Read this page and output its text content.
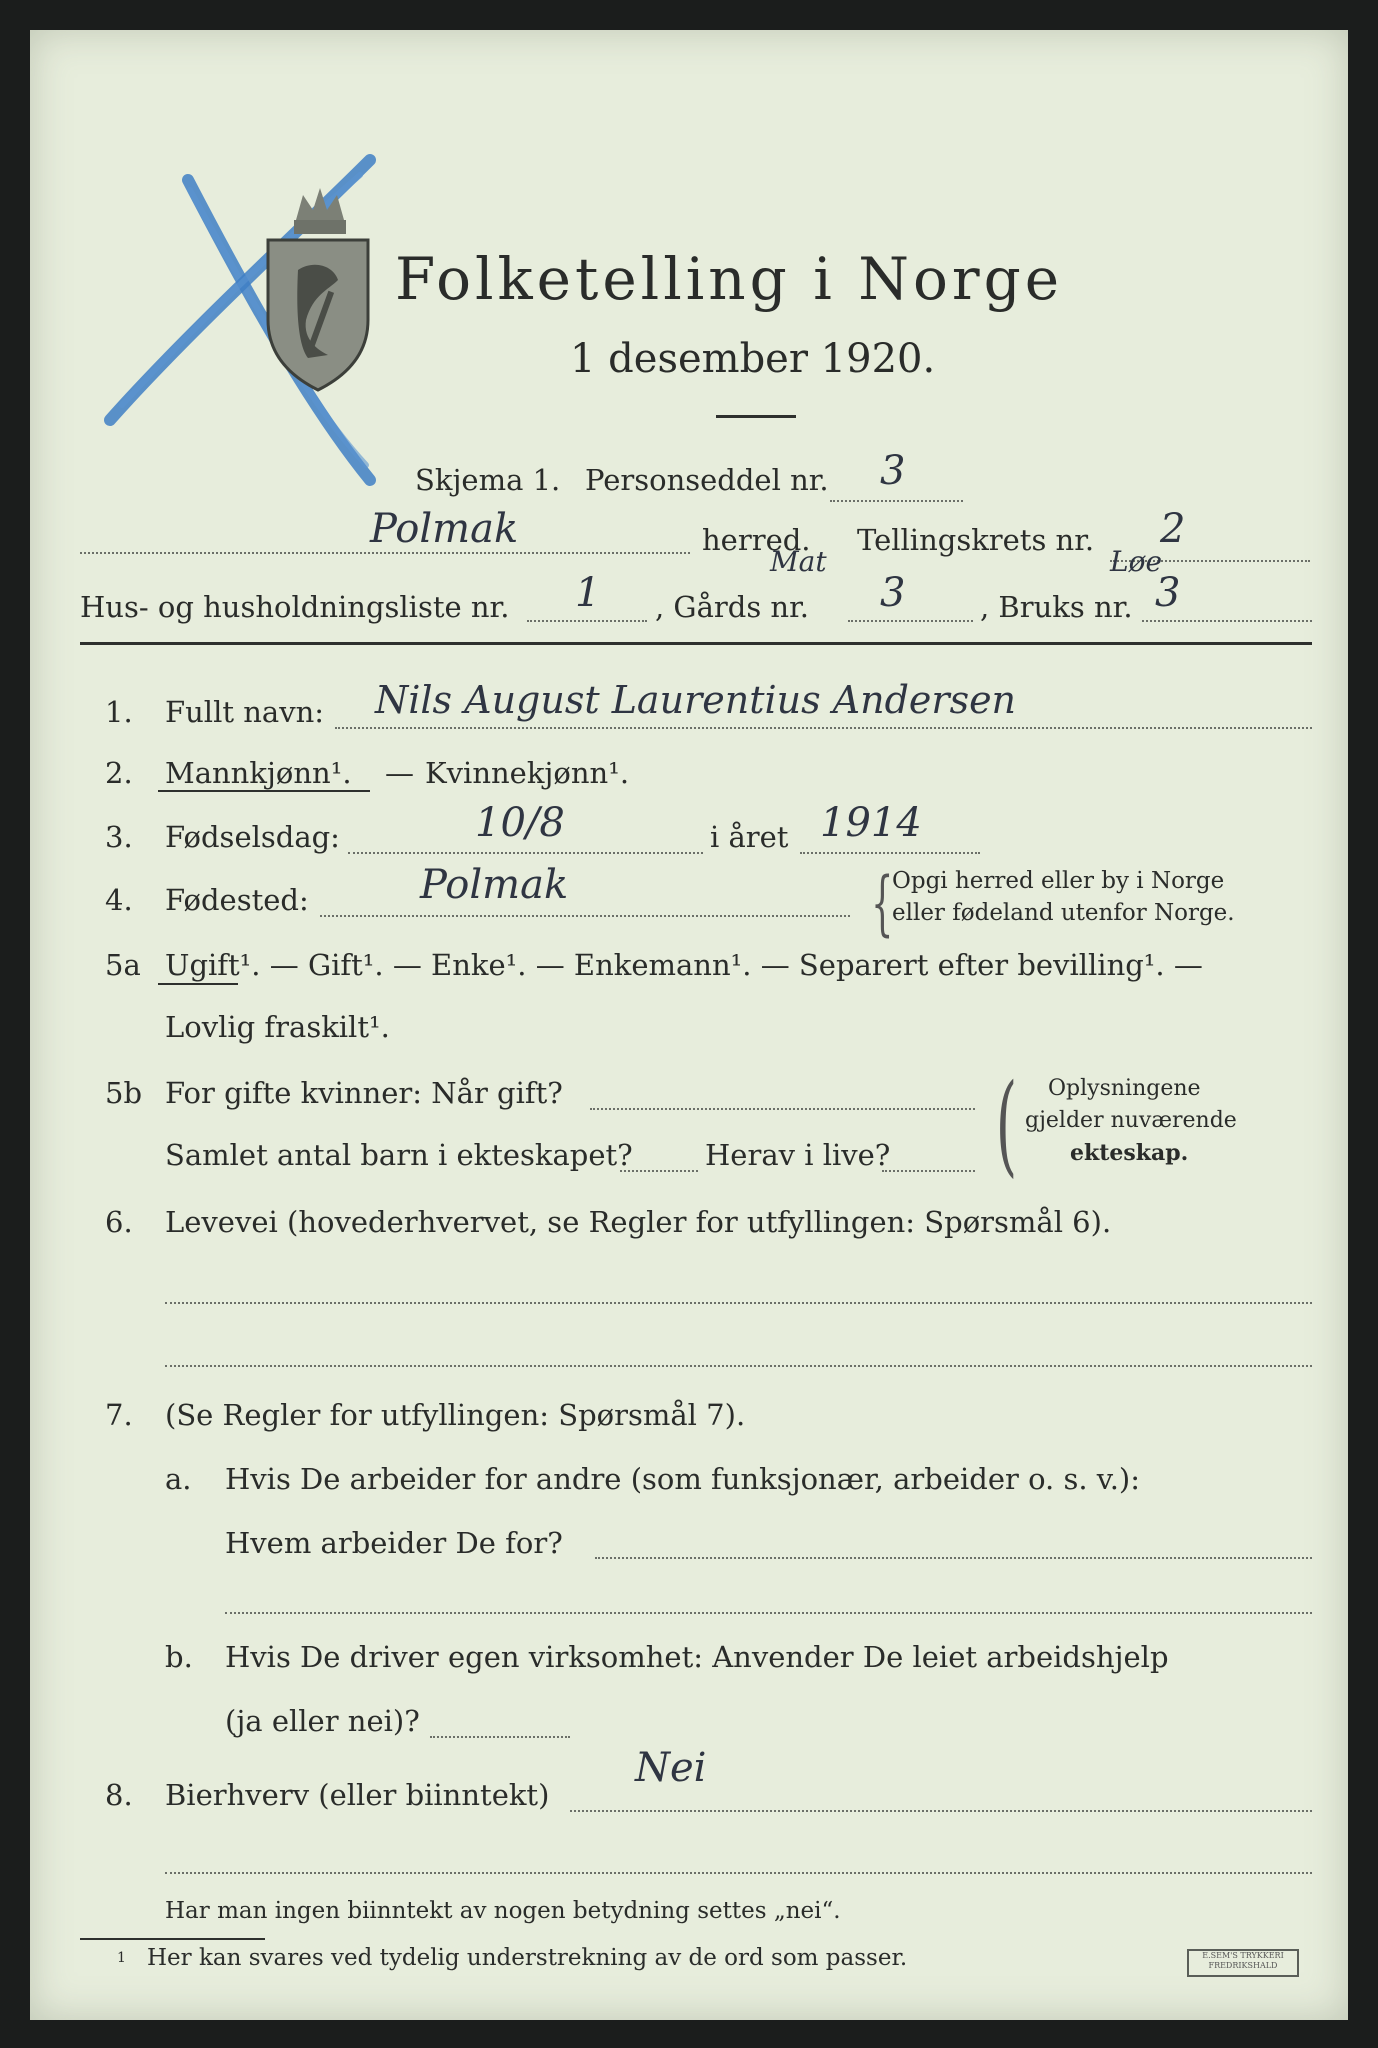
Folketelling i Norge
1 desember 1920.
Skjema 1. Personseddel nr. 3
Polmak	herred. Tellingskrets nr. 2
Hus- og husholdningsliste nr. 1 , Gårds nr.
Mat
3	, Bruks nr.
Løe
3
1. Fullt navn: Nils August Laurentius Andersen
2. Mannkjønn¹. — Kvinnekjønn¹.
3. Fødselsdag:	10/8	i året 1914
4. Fødested:	Polmak	{
Opgi herred eller by i Norge
eller fødeland utenfor Norge.
5a Ugift¹. — Gift¹. — Enke¹. — Enkemann¹. — Separert efter bevilling¹. —
Lovlig fraskilt¹.
5b For gifte kvinner: Når gift?
Samlet antal barn i ekteskapet? Herav i live? ( Oplysningene
gjelder nuværende
ekteskap.
6. Levevei (hovederhvervet, se Regler for utfyllingen: Spørsmål 6).
7. (Se Regler for utfyllingen: Spørsmål 7).
a. Hvis De arbeider for andre (som funksjonær, arbeider o. s. v.):
Hvem arbeider De for?
b. Hvis De driver egen virksomhet: Anvender De leiet arbeidshjelp
(ja eller nei)?
8. Bierhverv (eller biinntekt)
Nei
Har man ingen biinntekt av nogen betydning settes „nei“.
1 Her kan svares ved tydelig understrekning av de ord som passer.	E.SEM'S TRYKKERI FREDRIKSHALD
